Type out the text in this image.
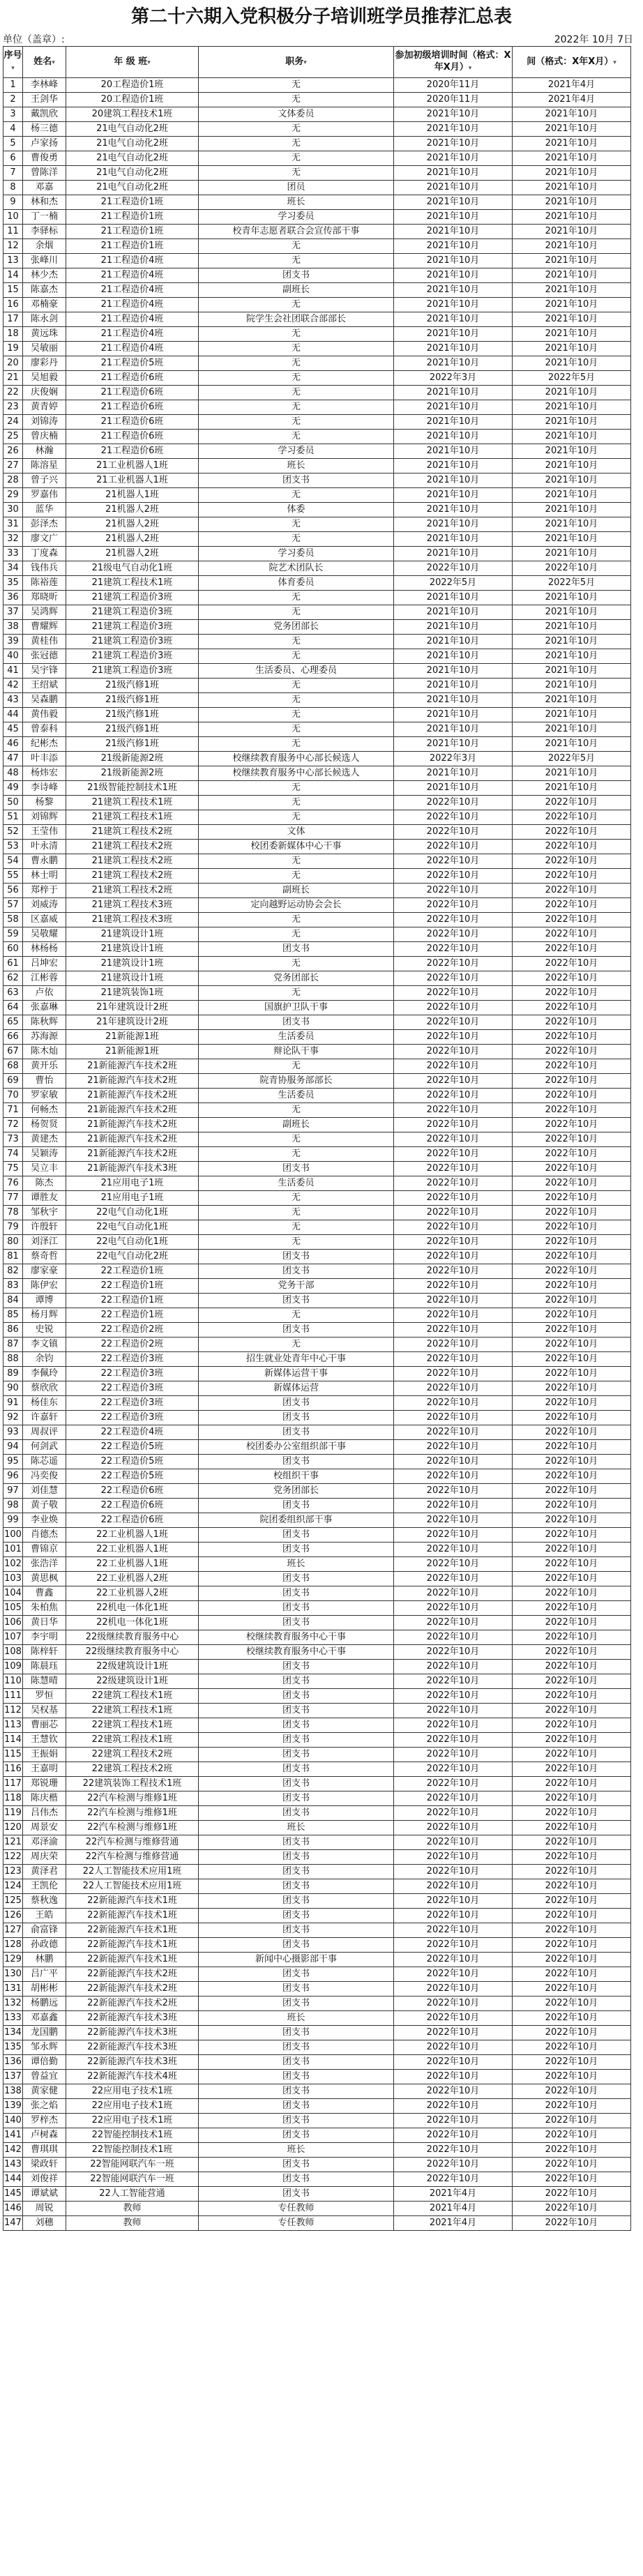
第二十六期入党积极分子培训班学员推荐汇总表
单位（盖章）:	2022年 10月 7日
序号▾	姓名▾	年 级 班▾	职务▾	参加初级培训时间（格式：X年X月）▾	间（格式：X年X月）▾
1	李林峰	20工程造价1班	无	2020年11月	2021年4月
2	王剑华	20工程造价1班	无	2020年11月	2021年4月
3	戴凯欣	20建筑工程技术1班	文体委员	2021年10月	2021年10月
4	杨三德	21电气自动化2班	无	2021年10月	2021年10月
5	卢家扬	21电气自动化2班	无	2021年10月	2021年10月
6	曹俊勇	21电气自动化2班	无	2021年10月	2021年10月
7	曾陈洋	21电气自动化2班	无	2021年10月	2021年10月
8	邓嘉	21电气自动化2班	团员	2021年10月	2021年10月
9	林和杰	21工程造价1班	班长	2021年10月	2021年10月
10	丁一楠	21工程造价1班	学习委员	2021年10月	2021年10月
11	李驿标	21工程造价1班	校青年志愿者联合会宣传部干事	2021年10月	2021年10月
12	余烟	21工程造价1班	无	2021年10月	2021年10月
13	张峰川	21工程造价4班	无	2021年10月	2021年10月
14	林少杰	21工程造价4班	团支书	2021年10月	2021年10月
15	陈嘉杰	21工程造价4班	副班长	2021年10月	2021年10月
16	邓楠豪	21工程造价4班	无	2021年10月	2021年10月
17	陈永剑	21工程造价4班	院学生会社团联合部部长	2021年10月	2021年10月
18	黄远珠	21工程造价4班	无	2021年10月	2021年10月
19	吴敏丽	21工程造价4班	无	2021年10月	2021年10月
20	廖彩丹	21工程造价5班	无	2021年10月	2021年10月
21	吴旭毅	21工程造价6班	无	2022年3月	2022年5月
22	庆俊娴	21工程造价6班	无	2021年10月	2021年10月
23	黄青婷	21工程造价6班	无	2021年10月	2021年10月
24	刘锦涛	21工程造价6班	无	2021年10月	2021年10月
25	曾庆楠	21工程造价6班	无	2021年10月	2021年10月
26	林瀚	21工程造价6班	学习委员	2021年10月	2021年10月
27	陈溶星	21工业机器人1班	班长	2021年10月	2021年10月
28	曾子兴	21工业机器人1班	团支书	2021年10月	2021年10月
29	罗嘉伟	21机器人1班	无	2021年10月	2021年10月
30	蓝华	21机器人2班	体委	2021年10月	2021年10月
31	彭泽杰	21机器人2班	无	2021年10月	2021年10月
32	廖文广	21机器人2班	无	2021年10月	2021年10月
33	丁度森	21机器人2班	学习委员	2021年10月	2021年10月
34	钱伟兵	21级电气自动化1班	院艺术团队长	2022年10月	2022年10月
35	陈裕莲	21建筑工程技术1班	体育委员	2022年5月	2022年5月
36	郑晓昕	21建筑工程造价3班	无	2021年10月	2021年10月
37	吴鸿辉	21建筑工程造价3班	无	2021年10月	2021年10月
38	曹耀辉	21建筑工程造价3班	党务团部长	2021年10月	2021年10月
39	黄桂伟	21建筑工程造价3班	无	2021年10月	2021年10月
40	张冠德	21建筑工程造价3班	无	2021年10月	2021年10月
41	吴宇锋	21建筑工程造价3班	生活委员、心理委员	2021年10月	2021年10月
42	王绍斌	21级汽修1班	无	2021年10月	2021年10月
43	吴森鹏	21级汽修1班	无	2021年10月	2021年10月
44	黄伟毅	21级汽修1班	无	2021年10月	2021年10月
45	曾泰科	21级汽修1班	无	2021年10月	2021年10月
46	纪彬杰	21级汽修1班	无	2021年10月	2021年10月
47	叶丰添	21级新能源2班	校继续教育服务中心部长候选人	2022年3月	2022年5月
48	杨炜宏	21级新能源2班	校继续教育服务中心部长候选人	2021年10月	2021年10月
49	李诗峰	21级智能控制技术1班	无	2021年10月	2021年10月
50	杨黎	21建筑工程技术1班	无	2022年10月	2022年10月
51	刘锦辉	21建筑工程技术1班	无	2022年10月	2022年10月
52	王莹伟	21建筑工程技术2班	文体	2022年10月	2022年10月
53	叶永清	21建筑工程技术2班	校团委新媒体中心干事	2022年10月	2022年10月
54	曹永鹏	21建筑工程技术2班	无	2022年10月	2022年10月
55	林士明	21建筑工程技术2班	无	2022年10月	2022年10月
56	郑梓于	21建筑工程技术2班	副班长	2022年10月	2022年10月
57	刘威涛	21建筑工程技术3班	定向越野运动协会会长	2022年10月	2022年10月
58	区嘉威	21建筑工程技术3班	无	2022年10月	2022年10月
59	吴敬耀	21建筑设计1班	无	2022年10月	2022年10月
60	林杨杨	21建筑设计1班	团支书	2022年10月	2022年10月
61	吕坤宏	21建筑设计1班	无	2022年10月	2022年10月
62	江彬蓉	21建筑设计1班	党务团部长	2022年10月	2022年10月
63	卢依	21建筑装饰1班	无	2022年10月	2022年10月
64	张嘉琳	21年建筑设计2班	国旗护卫队干事	2022年10月	2022年10月
65	陈秋辉	21年建筑设计2班	团支书	2022年10月	2022年10月
66	苏海源	21新能源1班	生活委员	2022年10月	2022年10月
67	陈木灿	21新能源1班	辩论队干事	2022年10月	2022年10月
68	黄开乐	21新能源汽车技术2班	无	2022年10月	2022年10月
69	曹怡	21新能源汽车技术2班	院青协服务部部长	2022年10月	2022年10月
70	罗家敏	21新能源汽车技术2班	生活委员	2022年10月	2022年10月
71	何畅杰	21新能源汽车技术2班	无	2022年10月	2022年10月
72	杨贺贤	21新能源汽车技术2班	副班长	2022年10月	2022年10月
73	黄建杰	21新能源汽车技术2班	无	2022年10月	2022年10月
74	吴颖涛	21新能源汽车技术2班	无	2022年10月	2022年10月
75	吴立丰	21新能源汽车技术3班	团支书	2022年10月	2022年10月
76	陈杰	21应用电子1班	生活委员	2022年10月	2022年10月
77	谭胜友	21应用电子1班	无	2022年10月	2022年10月
78	邹秋宇	22电气自动化1班	无	2022年10月	2022年10月
79	许殷轩	22电气自动化1班	无	2022年10月	2022年10月
80	刘泽江	22电气自动化1班	无	2022年10月	2022年10月
81	蔡奇哲	22电气自动化2班	团支书	2022年10月	2022年10月
82	廖家豪	22工程造价1班	团支书	2022年10月	2022年10月
83	陈伊宏	22工程造价1班	党务干部	2022年10月	2022年10月
84	谭博	22工程造价1班	团支书	2022年10月	2022年10月
85	杨月辉	22工程造价1班	无	2022年10月	2022年10月
86	史锐	22工程造价2班	团支书	2022年10月	2022年10月
87	李文镇	22工程造价2班	无	2022年10月	2022年10月
88	余钧	22工程造价3班	招生就业处青年中心干事	2022年10月	2022年10月
89	李佩玲	22工程造价3班	新媒体运营干事	2022年10月	2022年10月
90	蔡欣欣	22工程造价3班	新媒体运营	2022年10月	2022年10月
91	杨佳东	22工程造价3班	团支书	2022年10月	2022年10月
92	许嘉轩	22工程造价3班	团支书	2022年10月	2022年10月
93	周叔评	22工程造价4班	团支书	2022年10月	2022年10月
94	何剑武	22工程造价5班	校团委办公室组织部干事	2022年10月	2022年10月
95	陈芯遥	22工程造价5班	团支书	2022年10月	2022年10月
96	冯奕俊	22工程造价5班	校组织干事	2022年10月	2022年10月
97	刘佳慧	22工程造价6班	党务团部长	2022年10月	2022年10月
98	黄子敬	22工程造价6班	团支书	2022年10月	2022年10月
99	李业焕	22工程造价6班	院团委组织部干事	2022年10月	2022年10月
100	肖德杰	22工业机器人1班	团支书	2022年10月	2022年10月
101	曹锦京	22工业机器人1班	团支书	2022年10月	2022年10月
102	张浩洋	22工业机器人1班	班长	2022年10月	2022年10月
103	黄思枫	22工业机器人2班	团支书	2022年10月	2022年10月
104	曹鑫	22工业机器人2班	团支书	2022年10月	2022年10月
105	朱柏焦	22机电一体化1班	团支书	2022年10月	2022年10月
106	黄日华	22机电一体化1班	团支书	2022年10月	2022年10月
107	李宇明	22级继续教育服务中心	校继续教育服务中心干事	2022年10月	2022年10月
108	陈梓轩	22级继续教育服务中心	校继续教育服务中心干事	2022年10月	2022年10月
109	陈晨珏	22级建筑设计1班	团支书	2022年10月	2022年10月
110	陈慧晴	22级建筑设计1班	团支书	2022年10月	2022年10月
111	罗恒	22建筑工程技术1班	团支书	2022年10月	2022年10月
112	吴权基	22建筑工程技术1班	团支书	2022年10月	2022年10月
113	曹丽芯	22建筑工程技术1班	团支书	2022年10月	2022年10月
114	王慧钦	22建筑工程技术1班	团支书	2022年10月	2022年10月
115	王振娟	22建筑工程技术2班	团支书	2022年10月	2022年10月
116	王嘉明	22建筑工程技术2班	团支书	2022年10月	2022年10月
117	郑锐珊	22建筑装饰工程技术1班	团支书	2022年10月	2022年10月
118	陈庆楷	22汽车检测与维修1班	团支书	2022年10月	2022年10月
119	吕伟杰	22汽车检测与维修1班	团支书	2022年10月	2022年10月
120	周景安	22汽车检测与维修1班	班长	2022年10月	2022年10月
121	邓泽渝	22汽车检测与维修营通	团支书	2022年10月	2022年10月
122	周庆荣	22汽车检测与维修营通	团支书	2022年10月	2022年10月
123	黄泽君	22人工智能技术应用1班	团支书	2022年10月	2022年10月
124	王凯伦	22人工智能技术应用1班	团支书	2022年10月	2022年10月
125	蔡秋逸	22新能源汽车技术1班	团支书	2022年10月	2022年10月
126	王皓	22新能源汽车技术1班	团支书	2022年10月	2022年10月
127	俞富锋	22新能源汽车技术1班	团支书	2022年10月	2022年10月
128	孙政德	22新能源汽车技术1班	团支书	2022年10月	2022年10月
129	林鹏	22新能源汽车技术1班	新闻中心摄影部干事	2022年10月	2022年10月
130	吕广平	22新能源汽车技术2班	团支书	2022年10月	2022年10月
131	胡彬彬	22新能源汽车技术2班	团支书	2022年10月	2022年10月
132	杨鹏远	22新能源汽车技术2班	团支书	2022年10月	2022年10月
133	邓嘉鑫	22新能源汽车技术3班	班长	2022年10月	2022年10月
134	龙国鹏	22新能源汽车技术3班	团支书	2022年10月	2022年10月
135	邹永辉	22新能源汽车技术3班	团支书	2022年10月	2022年10月
136	谭倍勤	22新能源汽车技术3班	团支书	2022年10月	2022年10月
137	曾益宜	22新能源汽车技术4班	团支书	2022年10月	2022年10月
138	黄家健	22应用电子技术1班	团支书	2022年10月	2022年10月
139	张之焰	22应用电子技术1班	团支书	2022年10月	2022年10月
140	罗梓杰	22应用电子技术1班	团支书	2022年10月	2022年10月
141	卢树森	22智能控制技术1班	团支书	2022年10月	2022年10月
142	曹琪琪	22智能控制技术1班	班长	2022年10月	2022年10月
143	梁政轩	22智能网联汽车一班	团支书	2022年10月	2022年10月
144	刘俊祥	22智能网联汽车一班	团支书	2022年10月	2022年10月
145	谭斌斌	22人工智能营通	团支书	2021年4月	2022年10月
146	周锐	教师	专任教师	2021年4月	2022年10月
147	刘穗	教师	专任教师	2021年4月	2022年10月
